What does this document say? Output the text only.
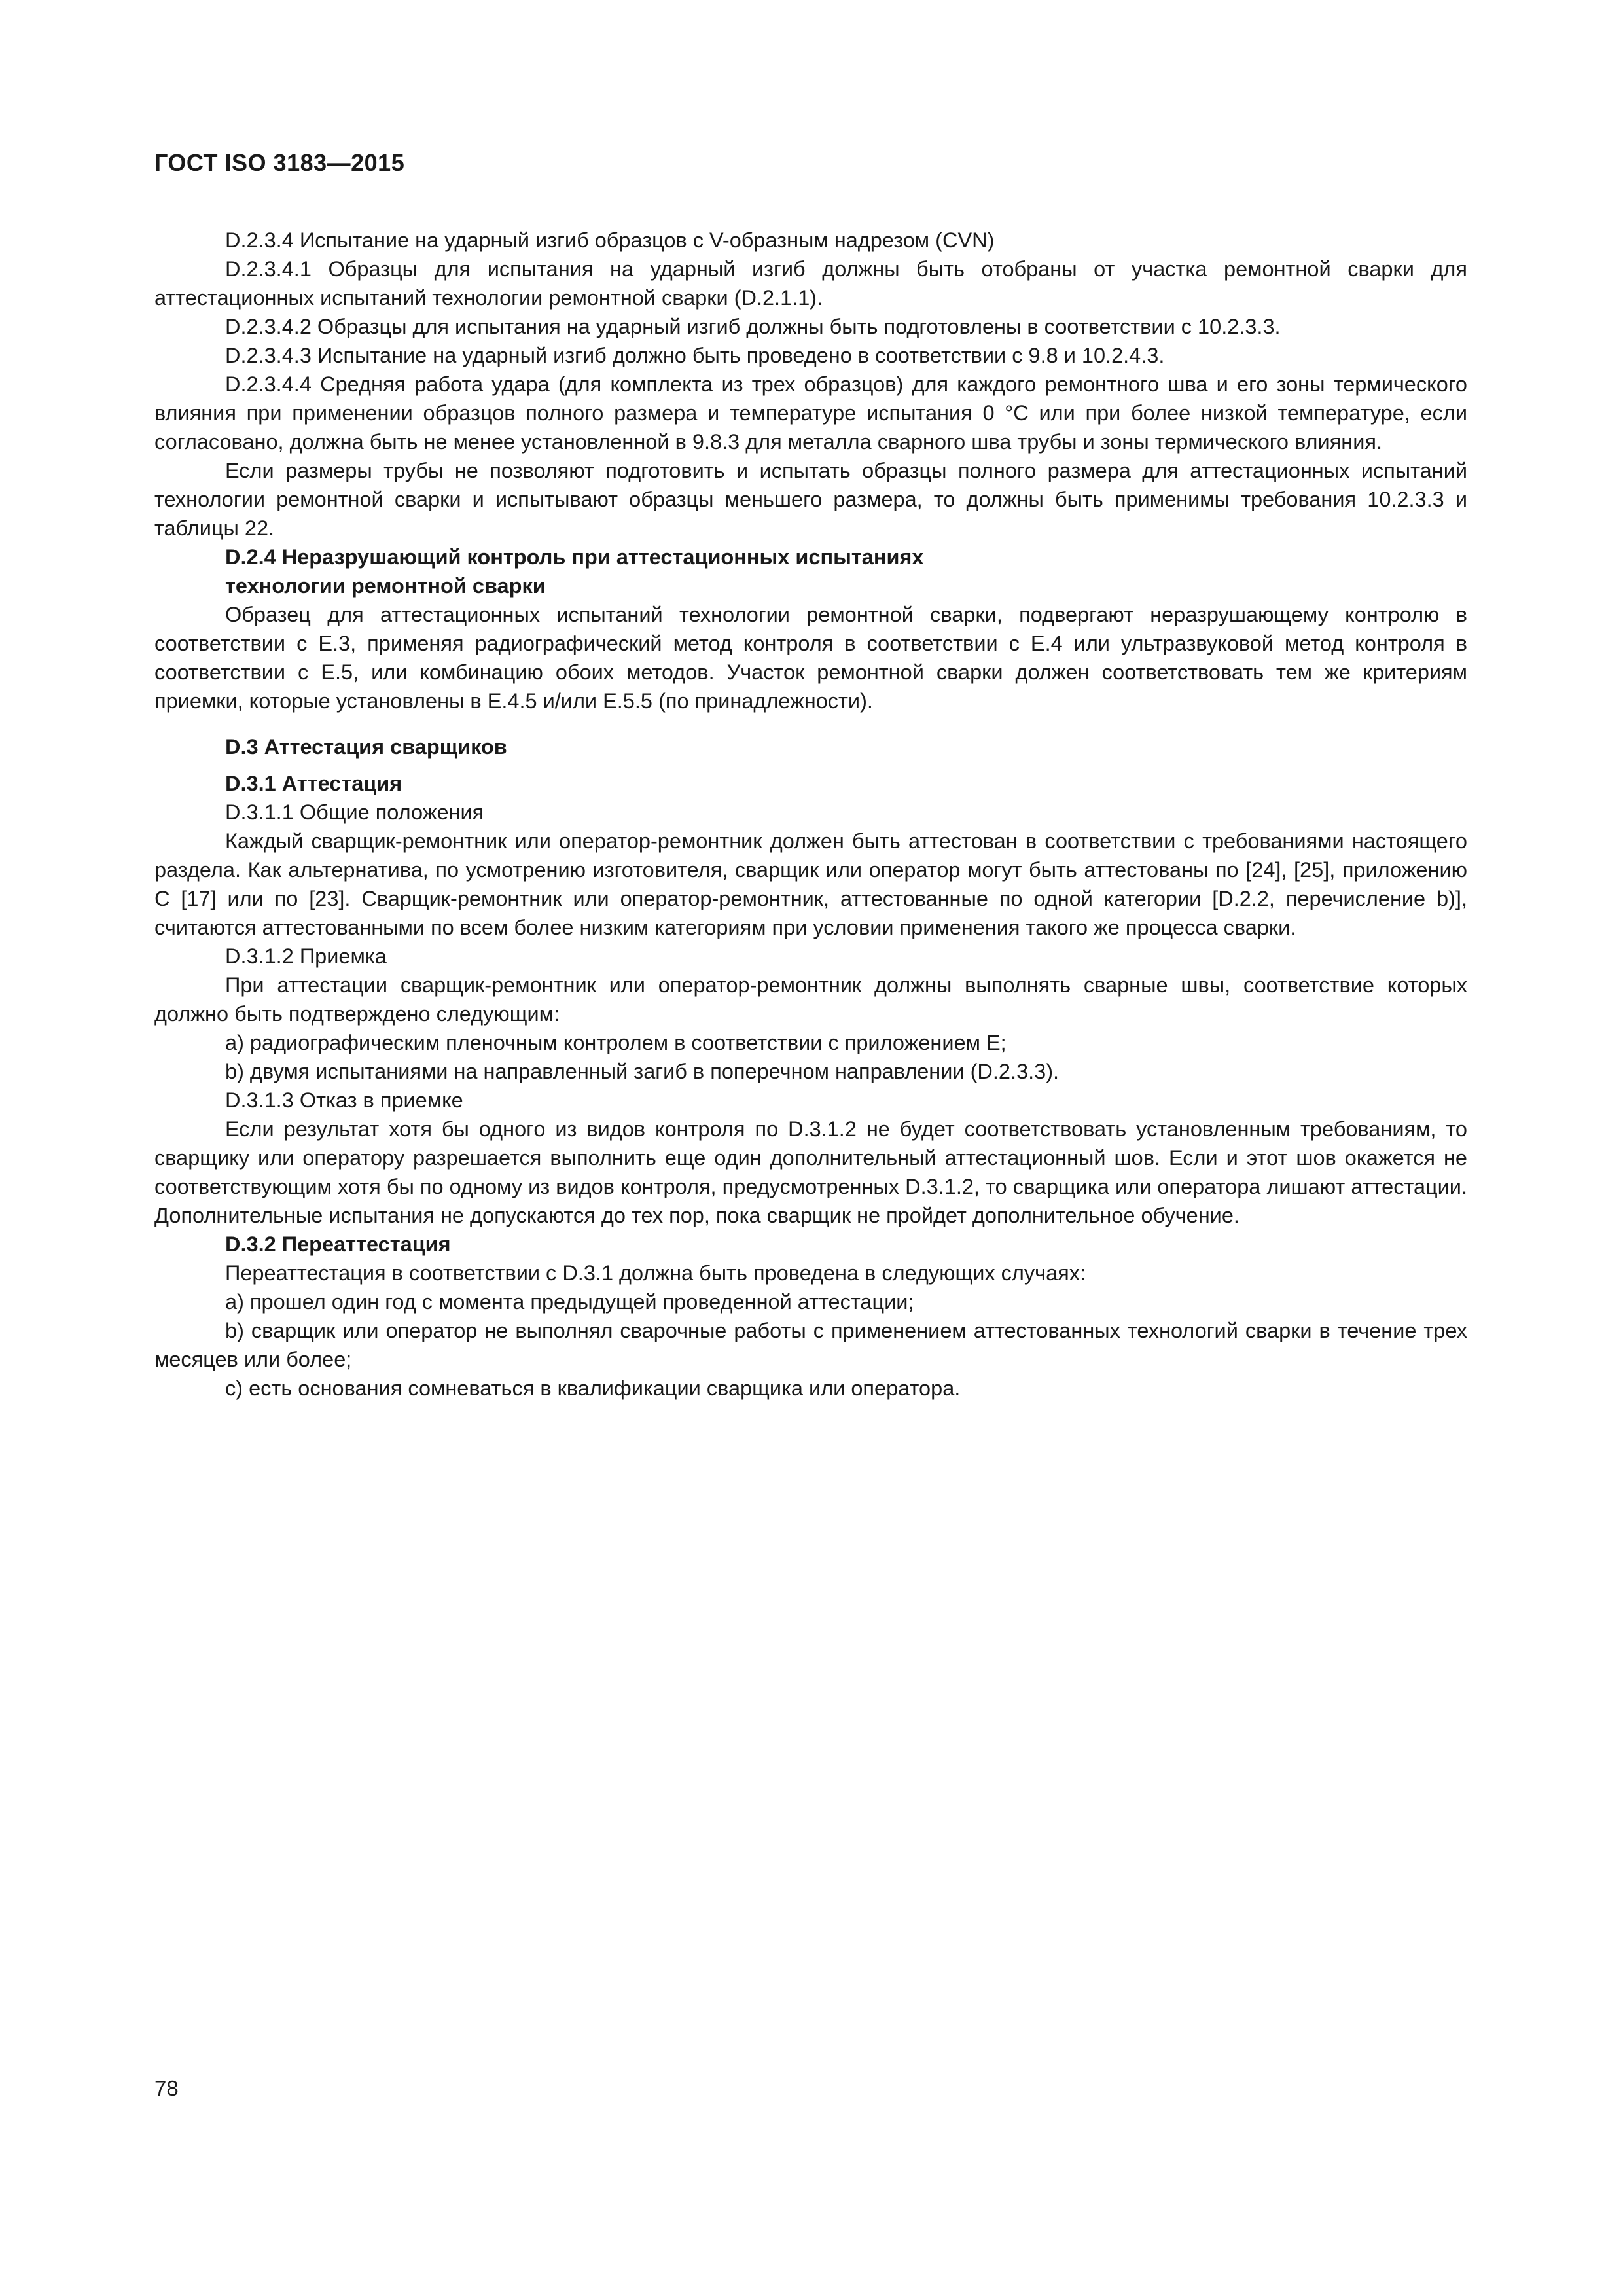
ГОСТ ISO 3183—2015

D.2.3.4 Испытание на ударный изгиб образцов с V-образным надрезом (CVN)

D.2.3.4.1 Образцы для испытания на ударный изгиб должны быть отобраны от участка ремонтной сварки для аттестационных испытаний технологии ремонтной сварки (D.2.1.1).

D.2.3.4.2 Образцы для испытания на ударный изгиб должны быть подготовлены в соответствии с 10.2.3.3.

D.2.3.4.3 Испытание на ударный изгиб должно быть проведено в соответствии с 9.8 и 10.2.4.3.

D.2.3.4.4 Средняя работа удара (для комплекта из трех образцов) для каждого ремонтного шва и его зоны термического влияния при применении образцов полного размера и температуре испытания 0 °С или при более низкой температуре, если согласовано, должна быть не менее установленной в 9.8.3 для металла сварного шва трубы и зоны термического влияния.

Если размеры трубы не позволяют подготовить и испытать образцы полного размера для аттестационных испытаний технологии ремонтной сварки и испытывают образцы меньшего размера, то должны быть применимы требования 10.2.3.3 и таблицы 22.

D.2.4 Неразрушающий контроль при аттестационных испытаниях

технологии ремонтной сварки

Образец для аттестационных испытаний технологии ремонтной сварки, подвергают неразрушающему контролю в соответствии с Е.3, применяя радиографический метод контроля в соответствии с Е.4 или ультразвуковой метод контроля в соответствии с Е.5, или комбинацию обоих методов. Участок ремонтной сварки должен соответствовать тем же критериям приемки, которые установлены в Е.4.5 и/или Е.5.5 (по принадлежности).

D.3 Аттестация сварщиков

D.3.1 Аттестация

D.3.1.1 Общие положения

Каждый сварщик-ремонтник или оператор-ремонтник должен быть аттестован в соответствии с требованиями настоящего раздела. Как альтернатива, по усмотрению изготовителя, сварщик или оператор могут быть аттестованы по [24], [25], приложению С [17] или по [23]. Сварщик-ремонтник или оператор-ремонтник, аттестованные по одной категории [D.2.2, перечисление b)], считаются аттестованными по всем более низким категориям при условии применения такого же процесса сварки.

D.3.1.2 Приемка

При аттестации сварщик-ремонтник или оператор-ремонтник должны выполнять сварные швы, соответствие которых должно быть подтверждено следующим:

а) радиографическим пленочным контролем в соответствии с приложением Е;

b) двумя испытаниями на направленный загиб в поперечном направлении (D.2.3.3).

D.3.1.3 Отказ в приемке

Если результат хотя бы одного из видов контроля по D.3.1.2 не будет соответствовать установленным требованиям, то сварщику или оператору разрешается выполнить еще один дополнительный аттестационный шов. Если и этот шов окажется не соответствующим хотя бы по одному из видов контроля, предусмотренных D.3.1.2, то сварщика или оператора лишают аттестации. Дополнительные испытания не допускаются до тех пор, пока сварщик не пройдет дополнительное обучение.

D.3.2 Переаттестация

Переаттестация в соответствии с D.3.1 должна быть проведена в следующих случаях:

а) прошел один год с момента предыдущей проведенной аттестации;

b) сварщик или оператор не выполнял сварочные работы с применением аттестованных технологий сварки в течение трех месяцев или более;

с) есть основания сомневаться в квалификации сварщика или оператора.

78
